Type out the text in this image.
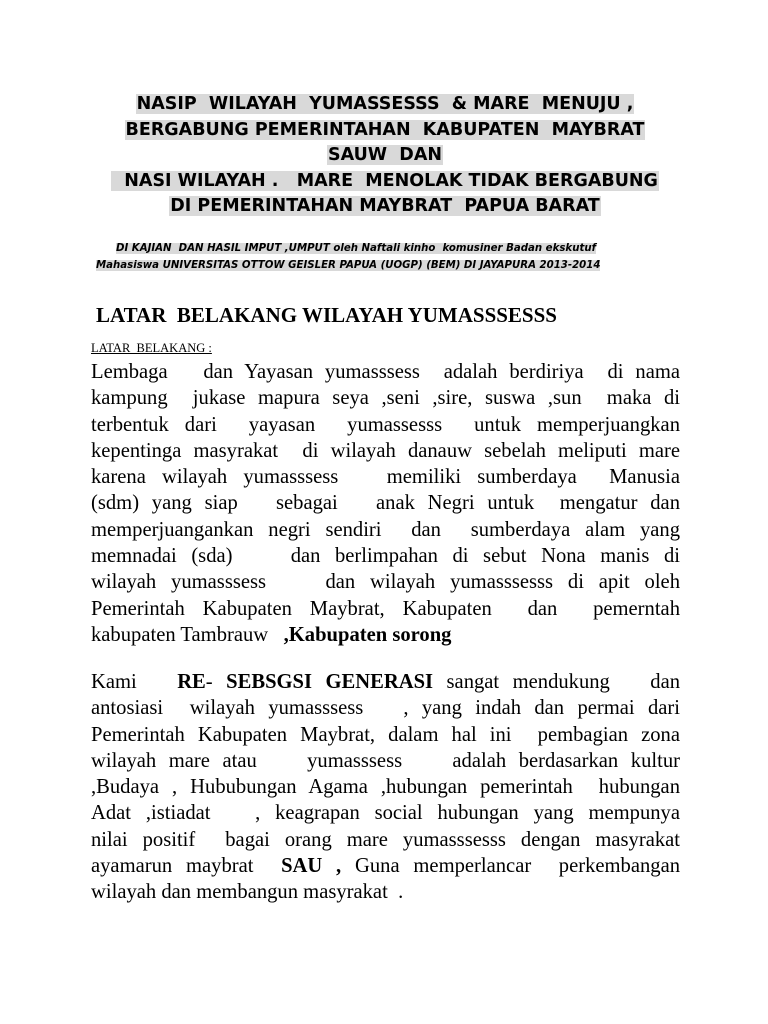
NASIP  WILAYAH  YUMASSESSS  & MARE  MENUJU ,
BERGABUNG PEMERINTAHAN  KABUPATEN  MAYBRAT
SAUW  DAN
NASI WILAYAH .   MARE  MENOLAK TIDAK BERGABUNG
DI PEMERINTAHAN MAYBRAT  PAPUA BARAT
DI KAJIAN  DAN HASIL IMPUT ,UMPUT oleh Naftali kinho  komusiner Badan ekskutuf
Mahasiswa UNIVERSITAS OTTOW GEISLER PAPUA (UOGP) (BEM) DI JAYAPURA 2013-2014
LATAR  BELAKANG WILAYAH YUMASSSESSS
LATAR  BELAKANG :
Lembaga   dan Yayasan yumasssess  adalah berdiriya  di nama
kampung  jukase mapura seya ,seni ,sire, suswa ,sun  maka di
terbentuk dari  yayasan  yumassesss  untuk memperjuangkan
kepentinga masyrakat  di wilayah danauw sebelah meliputi mare
karena wilayah yumasssess   memiliki sumberdaya  Manusia
(sdm) yang siap   sebagai   anak Negri untuk  mengatur dan
memperjuangankan negri sendiri  dan  sumberdaya alam yang
memnadai (sda)    dan berlimpahan di sebut Nona manis di
wilayah yumasssess    dan wilayah yumasssesss di apit oleh
Pemerintah Kabupaten Maybrat, Kabupaten  dan  pemerntah
kabupaten Tambrauw   ,Kabupaten sorong
Kami   RE- SEBSGSI GENERASI sangat mendukung   dan
antosiasi  wilayah yumasssess   , yang indah dan permai dari
Pemerintah Kabupaten Maybrat, dalam hal ini  pembagian zona
wilayah mare atau    yumasssess    adalah berdasarkan kultur
,Budaya , Hububungan Agama ,hubungan pemerintah  hubungan
Adat ,istiadat   , keagrapan social hubungan yang mempunya
nilai positif  bagai orang mare yumasssesss dengan masyrakat
ayamarun maybrat  SAU , Guna memperlancar  perkembangan
wilayah dan membangun masyrakat  .
